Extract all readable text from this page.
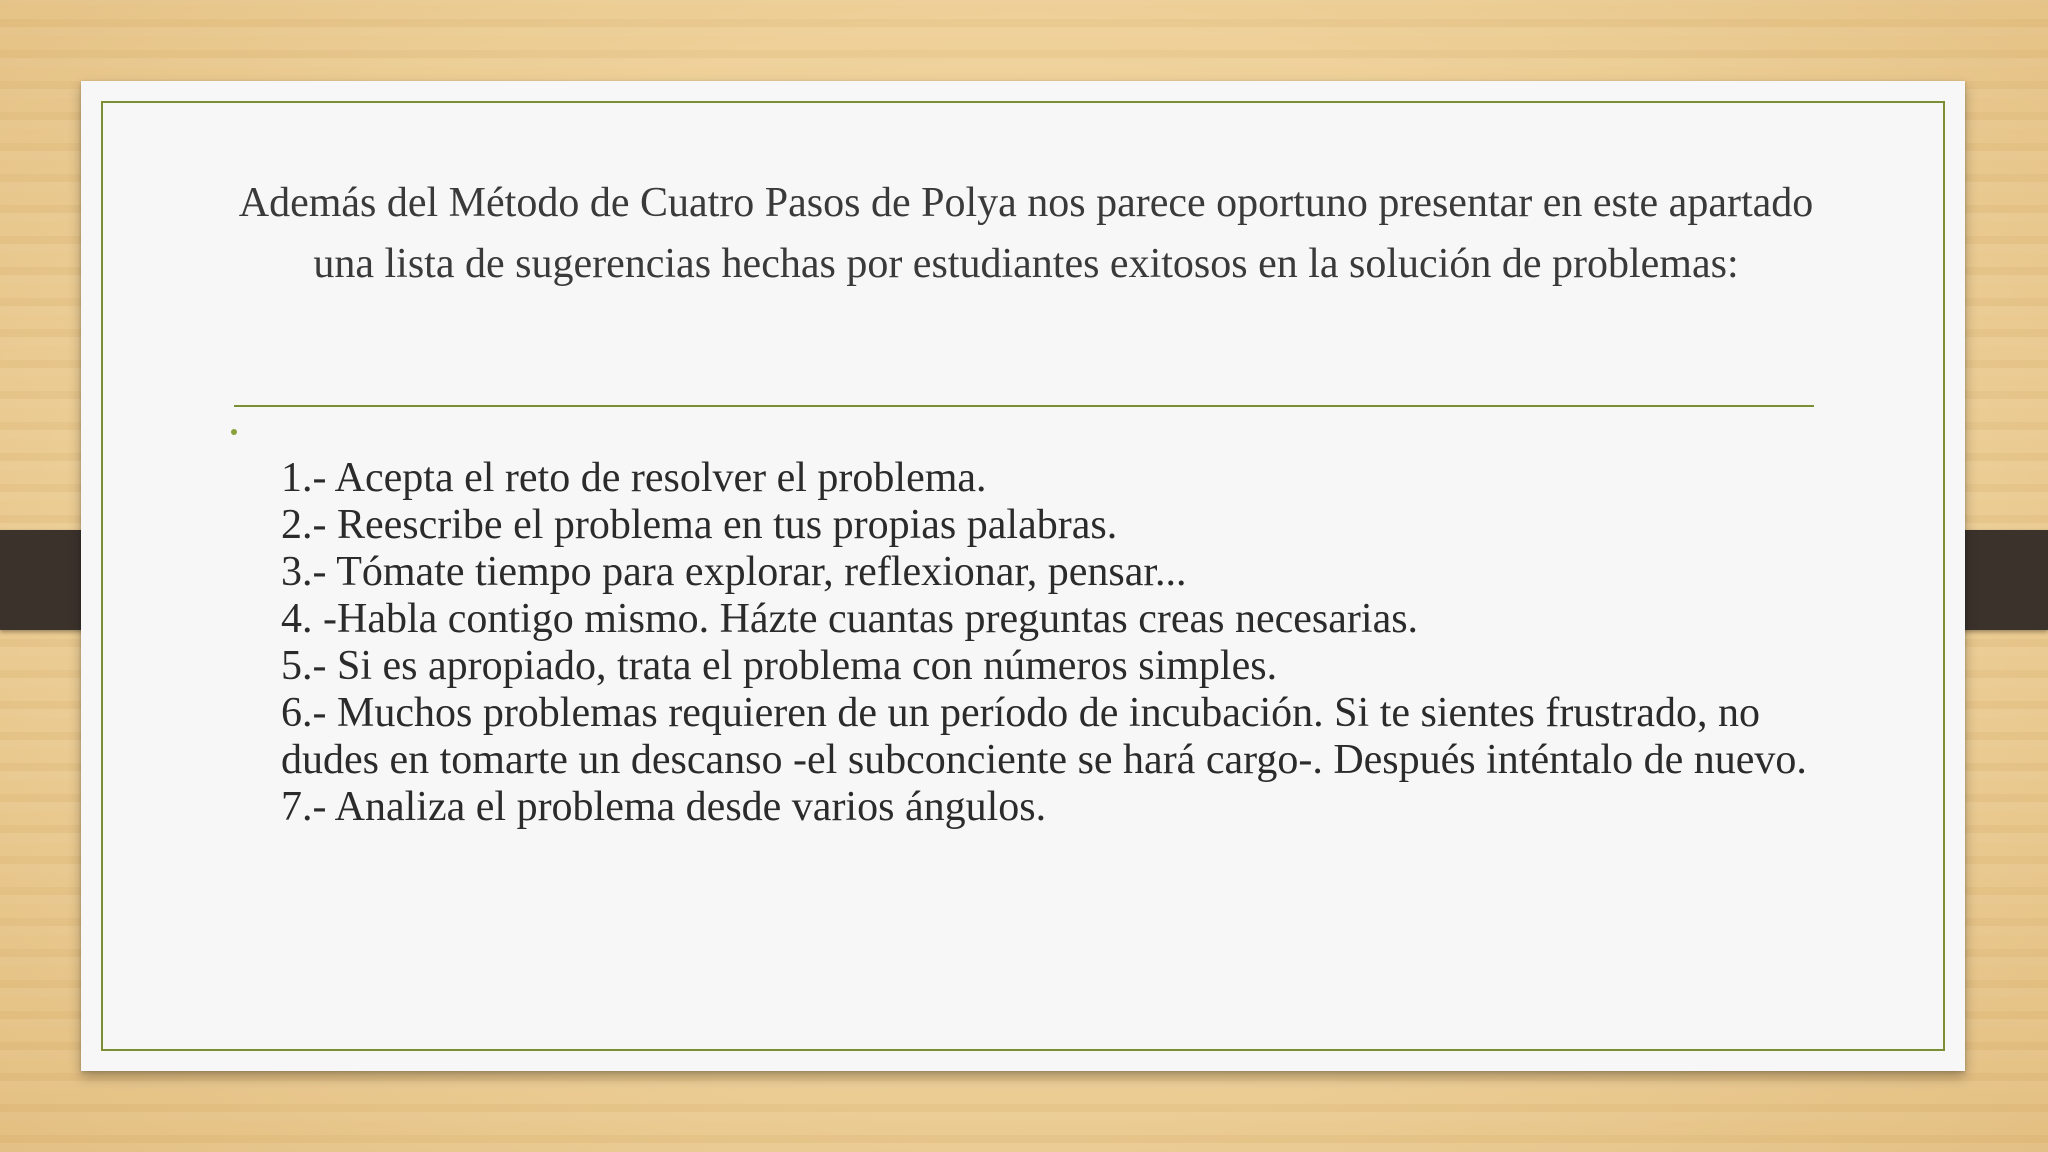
Además del Método de Cuatro Pasos de Polya nos parece oportuno presentar en este apartado una lista de sugerencias hechas por estudiantes exitosos en la solución de problemas:
1.- Acepta el reto de resolver el problema.
2.- Reescribe el problema en tus propias palabras.
3.- Tómate tiempo para explorar, reflexionar, pensar...
4. -Habla contigo mismo. Házte cuantas preguntas creas necesarias.
5.- Si es apropiado, trata el problema con números simples.
6.- Muchos problemas requieren de un período de incubación. Si te sientes frustrado, no dudes en tomarte un descanso -el subconciente se hará cargo-. Después inténtalo de nuevo.
7.- Analiza el problema desde varios ángulos.
